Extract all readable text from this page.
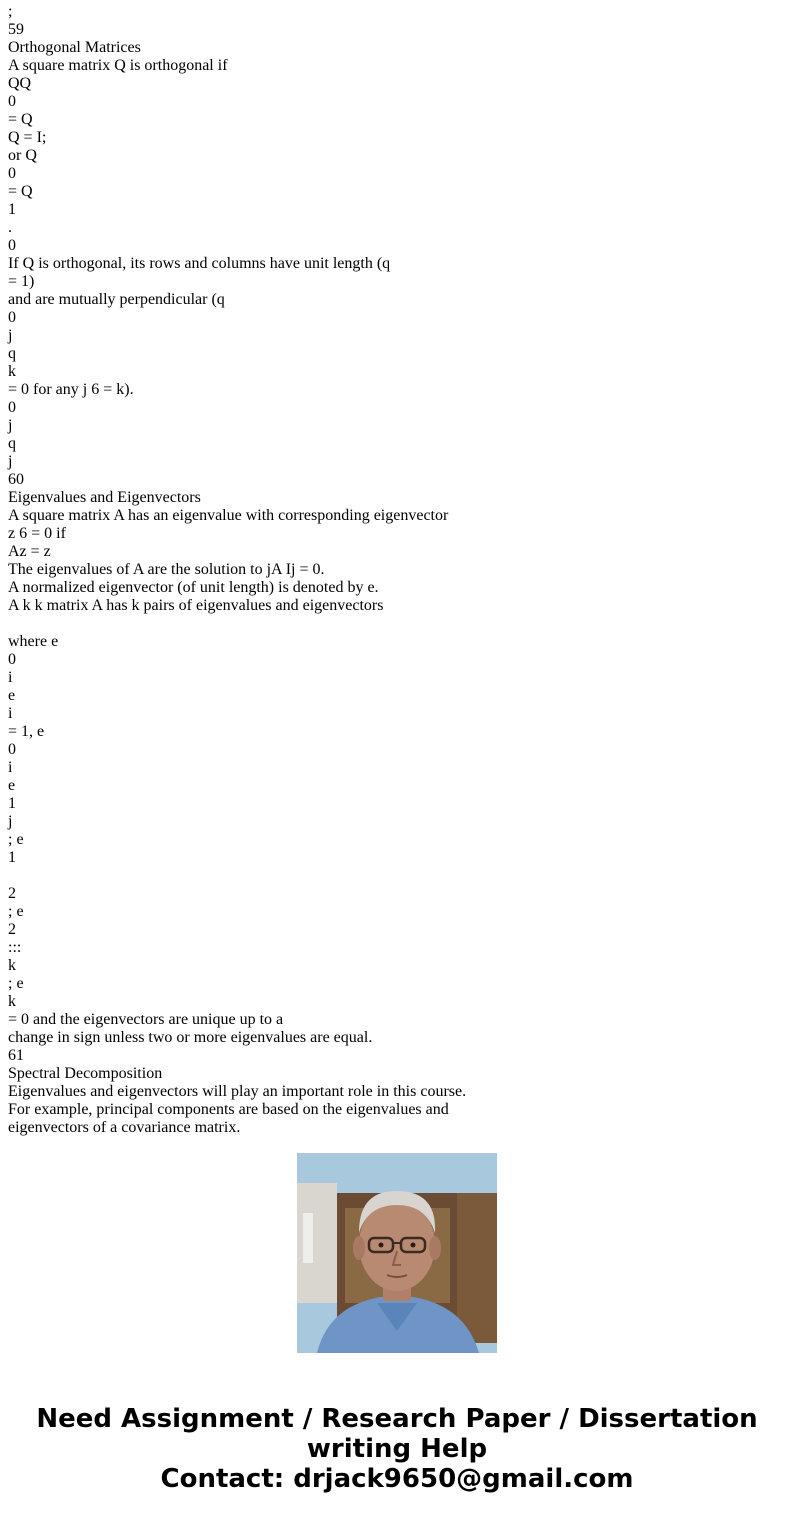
;
59
Orthogonal Matrices
A square matrix Q is orthogonal if
QQ
0
= Q
Q = I;
or Q
0
= Q
1
.
0
If Q is orthogonal, its rows and columns have unit length (q
= 1)
and are mutually perpendicular (q
0
j
q
k
= 0 for any j 6 = k).
0
j
q
j
60
Eigenvalues and Eigenvectors
A square matrix A has an eigenvalue with corresponding eigenvector
z 6 = 0 if
Az = z
The eigenvalues of A are the solution to jA Ij = 0.
A normalized eigenvector (of unit length) is denoted by e.
A k k matrix A has k pairs of eigenvalues and eigenvectors
where e
0
i
e
i
= 1, e
0
i
e
1
j
; e
1
2
; e
2
:::
k
; e
k
= 0 and the eigenvectors are unique up to a
change in sign unless two or more eigenvalues are equal.
61
Spectral Decomposition
Eigenvalues and eigenvectors will play an important role in this course.
For example, principal components are based on the eigenvalues and
eigenvectors of a covariance matrix.
Need Assignment / Research Paper / Dissertation
writing Help
Contact: drjack9650@gmail.com
